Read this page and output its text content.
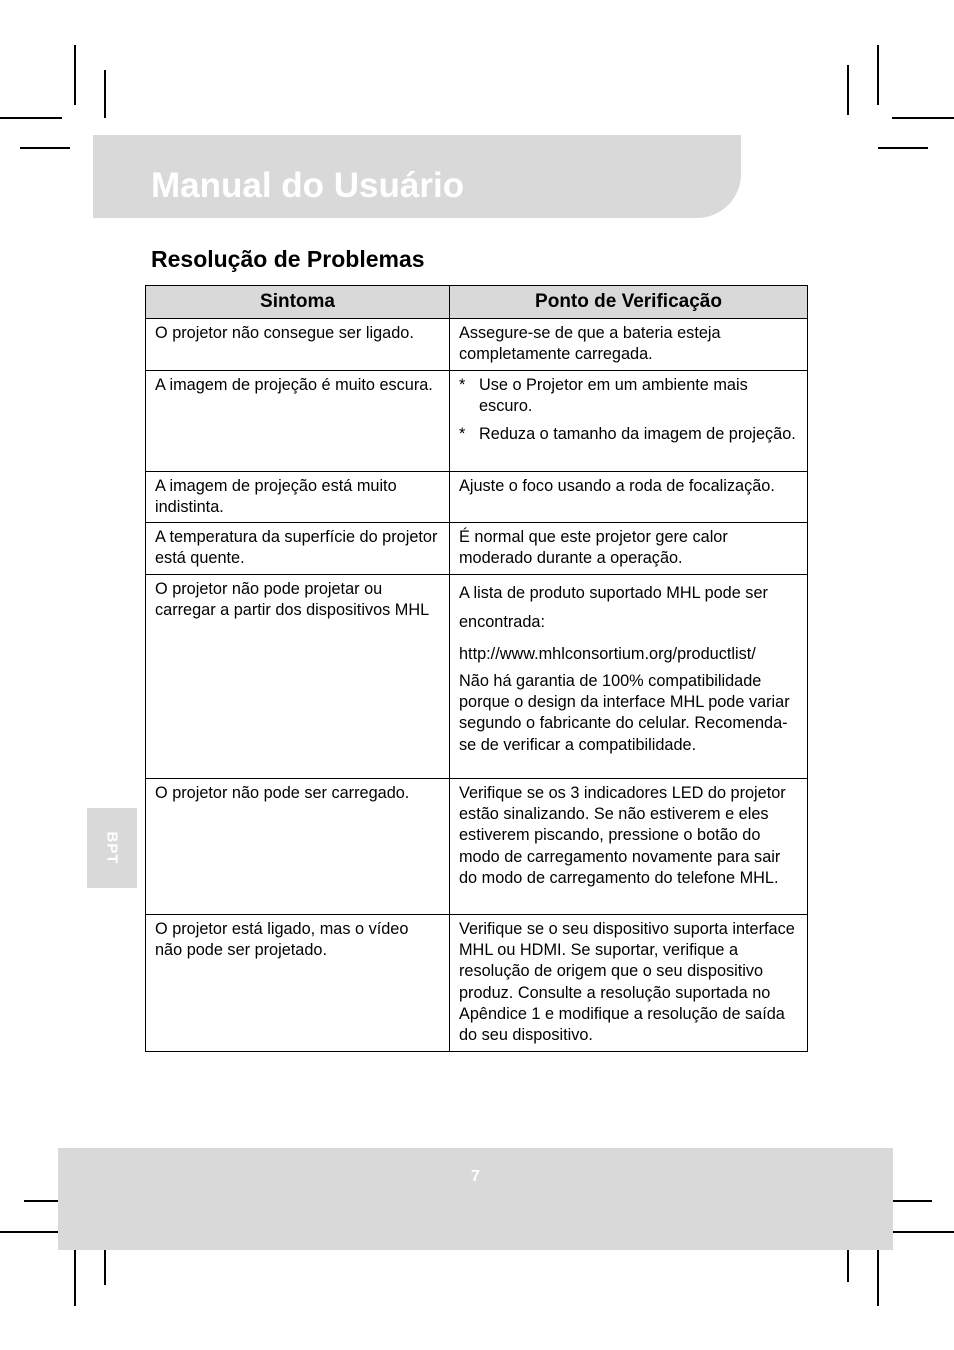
Manual do Usuário
Resolução de Problemas
Sintoma	Ponto de Verificação
O projetor não consegue ser ligado.	Assegure-se de que a bateria esteja completamente carregada.

A imagem de projeção é muito escura.	* Use o Projetor em um ambiente mais escuro.
* Reduza o tamanho da imagem de projeção.

A imagem de projeção está muito indistinta.	Ajuste o foco usando a roda de focalização.

A temperatura da superfície do projetor está quente.	É normal que este projetor gere calor moderado durante a operação.

O projetor não pode projetar ou carregar a partir dos dispositivos MHL	A lista de produto suportado MHL pode ser encontrada:
http://www.mhlconsortium.org/productlist/
Não há garantia de 100% compatibilidade porque o design da interface MHL pode variar segundo o fabricante do celular. Recomenda-se de verificar a compatibilidade.

O projetor não pode ser carregado.	Verifique se os 3 indicadores LED do projetor estão sinalizando. Se não estiverem e eles estiverem piscando, pressione o botão do modo de carregamento novamente para sair do modo de carregamento do telefone MHL.

O projetor está ligado, mas o vídeo não pode ser projetado.	Verifique se o seu dispositivo suporta interface MHL ou HDMI. Se suportar, verifique a resolução de origem que o seu dispositivo produz. Consulte a resolução suportada no Apêndice 1 e modifique a resolução de saída do seu dispositivo.
BPT
7
